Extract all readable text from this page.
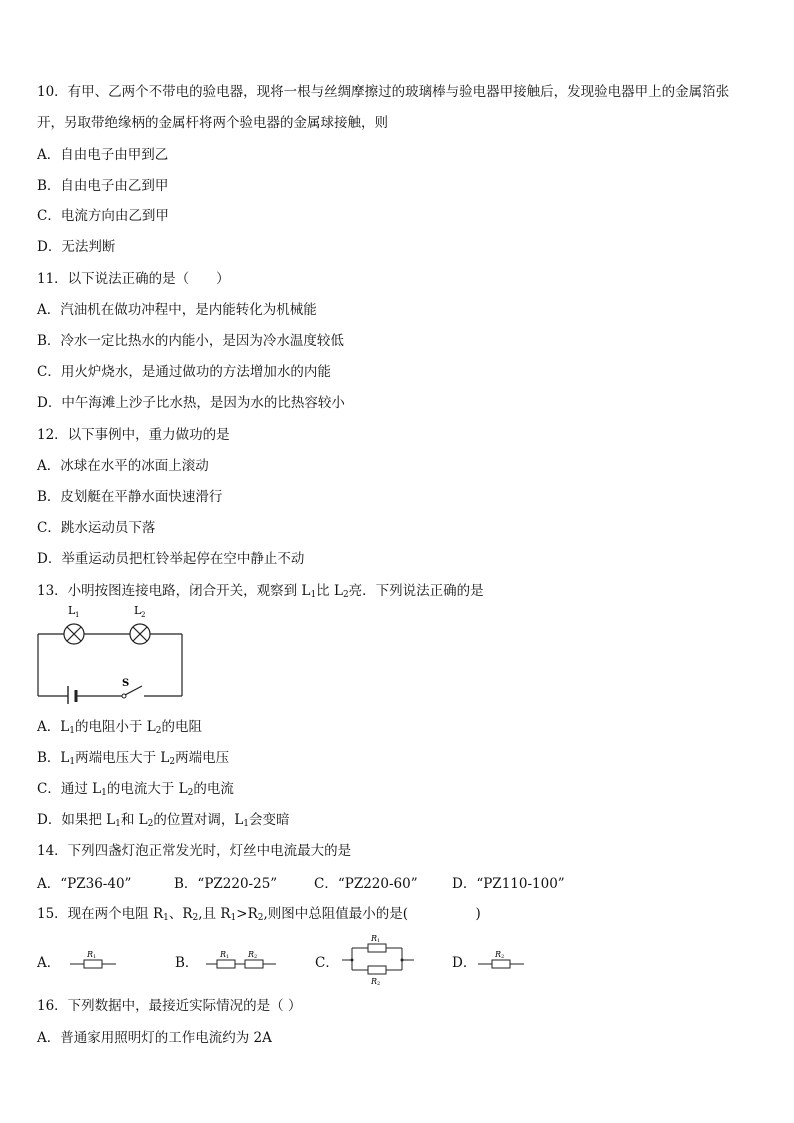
10．有甲、乙两个不带电的验电器，现将一根与丝绸摩擦过的玻璃棒与验电器甲接触后，发现验电器甲上的金属箔张
开，另取带绝缘柄的金属杆将两个验电器的金属球接触，则
A．自由电子由甲到乙
B．自由电子由乙到甲
C．电流方向由乙到甲
D．无法判断
11．以下说法正确的是（　　）
A．汽油机在做功冲程中，是内能转化为机械能
B．冷水一定比热水的内能小，是因为冷水温度较低
C．用火炉烧水，是通过做功的方法增加水的内能
D．中午海滩上沙子比水热，是因为水的比热容较小
12．以下事例中，重力做功的是
A．冰球在水平的冰面上滚动
B．皮划艇在平静水面快速滑行
C．跳水运动员下落
D．举重运动员把杠铃举起停在空中静止不动
13．小明按图连接电路，闭合开关，观察到 $L_1$比 $L_2$亮．下列说法正确的是
L 1	L 2
S
A．$L_1$的电阻小于 $L_2$的电阻
B．$L_1$两端电压大于 $L_2$两端电压
C．通过 $L_1$的电流大于 $L_2$的电流
D．如果把 $L_1$和 $L_2$的位置对调，$L_1$会变暗
14．下列四盏灯泡正常发光时，灯丝中电流最大的是
A．“PZ36-40”	B．“PZ220-25”	C．“PZ220-60”	D．“PZ110-100”
15．现在两个电阻 $R_1$、$R_2$,且 $R_1>R_2$,则图中总阻值最小的是(　　　　　)
A．
R 1	B．
R 1 R 2	C．
R 1
R 2
D．
R 2
16．下列数据中，最接近实际情况的是（ ）
A．普通家用照明灯的工作电流约为 2A
